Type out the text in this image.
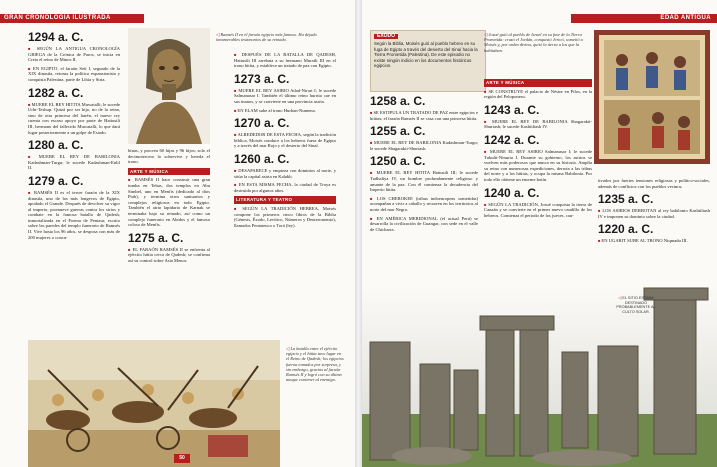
GRAN CRONOLOGÍA ILUSTRADA
1294 a. C.
■ SEGÚN LA ANTIGUA CRONOLOGÍA GRIEGA de la Crónica de Paros, se inicia en Creta el reino de Minos II.
■ EN EGIPTO, el faraón Setí I, segundo de la XIX dinastía, retoma la política expansionista y conquista Palestina, parte de Libia y Siria.
1282 a. C.
■ MUERE EL REY HITITA Muwatalli; le sucede Urhi-Teshup. Quizá por ser hijo, no de la reina, sino de otra princesa del harén, el nuevo rey cuenta con escaso apoyo por parte de Hattusili III, hermano del fallecido Muwatalli, lo que dará lugar posteriormente a un golpe de Estado.
1280 a. C.
■ MUERE EL REY DE BABILONIA Kadashman-Turgu; le sucede Kadashman-Enlil II.
1279 a. C.
■ RAMSÉS II es el tercer faraón de la XIX dinastía, uno de los más longevos de Egipto, apodado el Grande. Después de devolver su vigor al imperio, promueve guerras contra los sirios y combate en la famosa batalla de Qadesh, inmortalizada en el Poema de Pentaur, escrito sobre las paredes del templo funerario de Ramsés II. Vive hasta los 96 años, se desposa con más de 200 mujeres o concu-
binas, y procrea 60 hijas y 96 hijos; solo el decimotercero lo sobrevive y hereda el trono.
ARTE Y MÚSICA
■ RAMSÉS II hace construir una gran tumba en Tebas, dos templos en Abu Simbel, uno en Menfis (dedicado al dios Ptah), y termina otros santuarios y complejos religiosos en todo Egipto. También el atrio lapidario de Karnak se terminaba bajo su reinado, así como un complejo funerario en Abidos y el famoso coloso de Menfis.
1275 a. C.
■ EL FARAÓN RAMSÉS II se enfrenta al ejército hitita cerca de Qadesh; se confirma así su control sobre Asia Menor.
◁ Ramsés II en el faraón egipcio más famoso. Ha dejado innumerables testimonios de su reinado.
■ DESPUÉS DE LA BATALLA DE QADESH, Hattusili III arrebata a su hermano Muratli III en el trono hitita, y establece un tratado de paz con Egipto.
1273 a. C.
■ MUERE EL REY ASIRIO Adad-Nirari I; le sucede Salmanasar I. También el último reino hurrita cae en sus manos, y se convierte en una provincia asiria.
■ EN ELAM sube al trono Hurban-Numena.
1270 a. C.
■ ALREDEDOR DE ESTA FECHA, según la tradición bíblica, Moisés conduce a los hebreos fuera de Egipto y a través del mar Rojo y el desierto del Sinaí.
1260 a. C.
■ DESAPARECE y empieza con dominios al norte, y sitúa la capital asiria en Kalakh.
■ EN ESTA MISMA FECHA, la ciudad de Troya es destruida por algunos años.
LITERATURA Y TEATRO
■ SEGÚN LA TRADICIÓN HEBREA, Moisés compone los primeros cinco libros de la Biblia (Génesis, Éxodo, Levítico, Números y Deuteronomio), llamados Pentateuco o Torá (ley).
◁ La batalla entre el ejército egipcio y el hitita tuvo lugar en el Reino de Qadesh; los egipcios fueron tomados por sorpresa, y sin embargo, gracias al faraón Ramsés II y logró con su último ataque contener al enemigo.
50
EDAD ANTIGUA
ÉXODO
Según la Biblia, Moisés guió al pueblo hebreo en su fuga de Egipto a través del desierto del Sinaí hacia la Tierra Prometida (Palestina). De este episodio no existe ningún indicio en los documentos históricos egipcios.
1258 a. C.
■ SE ESTIPULA UN TRATADO DE PAZ entre egipcios e hititas; el faraón Ramsés II se casa con una princesa hitita.
1255 a. C.
■ MUERE EL REY DE BABILONIA Kadashman-Turgu; le sucede Shagarakti-Shuriash.
1250 a. C.
■ MUERE EL REY HITITA Hattusili III; le sucede Tudhaliya IV, un hombre profundamente religioso y amante de la paz. Con él comienza la decadencia del Imperio hitita.
■ LOS CHEROKEE (tribus indoeuropeas sometidas) acompañan a vivir a caballo y recurren en los territorios al norte del mar Negro.
■ EN AMÉRICA MERIDIONAL (el actual Perú) se desarrolla la civilización de Guangar, con sede en el valle de Chicbarra.
◁ Josué guió al pueblo de Israel en su fase de la Tierra Prometida: cruzó el Jordán, conquistó Jericó, sometió a Moisés y, por orden divina, quitó la tierra a los que la habitaban.
ARTE Y MÚSICA
■ SE CONSTRUYE el palacio de Néstor en Pilos, en la región del Peloponeso.
1243 a. C.
■ MUERE EL REY DE BABILONIA Shagarakti-Shuriash; le sucede Kashtiliash IV.
1242 a. C.
■ MUERE EL REY ASIRIO Salmanasar I; le sucede Tukulti-Ninurta I. Durante su gobierno, los asirios se vuelven más poderosos que nunca en su historia. Amplía su reino con numerosas expediciones, derrota a las tribus del norte y a los hititas, y ocupa la misma Babilonia. Por todo ello obtiene un enorme botín.
1240 a. C.
■ SEGÚN LA TRADICIÓN, Josué conquista la tierra de Canaán y se convierte en el primer nuevo caudillo de los hebreos. Comienza el periodo de los jueces, cau-
tivados por fuertes tensiones religiosas y político-sociales, además de conflictos con los pueblos vecinos.
1235 a. C.
■ LOS ASIRIOS DERROTAN al rey babilonio Kashtiliash IV e imponen su dominio sobre la ciudad.
1220 a. C.
■ EN UGARIT SUBE AL TRONO Niqmadu III.
◁
◁ EL SITIO ESTABA DESTINADO PROBABLEMENTE AL CULTO SOLAR.
